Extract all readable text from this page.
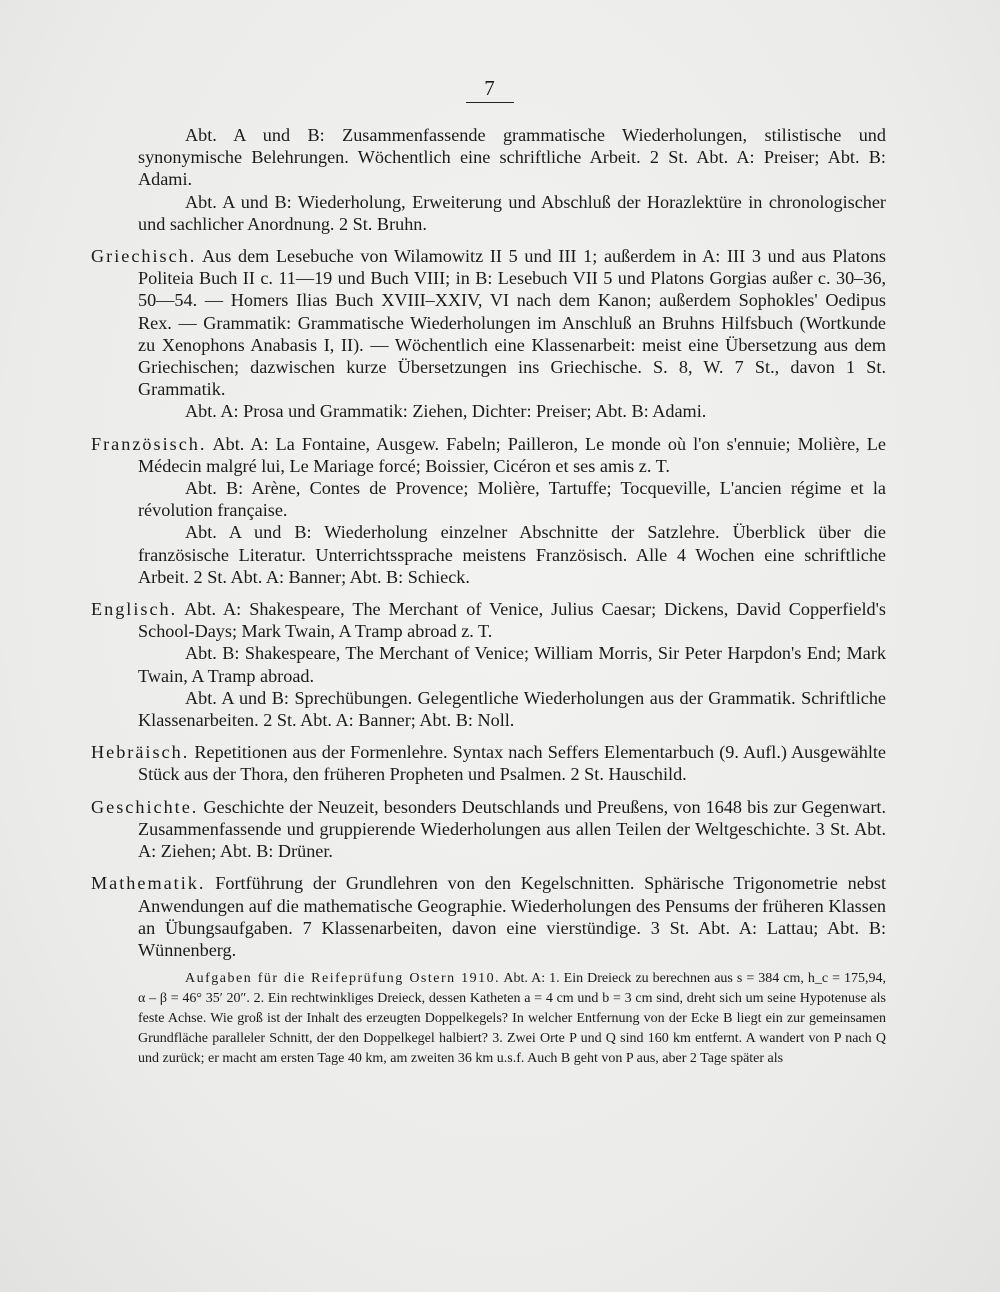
7

Abt. A und B: Zusammenfassende grammatische Wiederholungen, stilistische und synonymische Belehrungen. Wöchentlich eine schriftliche Arbeit. 2 St. Abt. A: Preiser; Abt. B: Adami.

Abt. A und B: Wiederholung, Erweiterung und Abschluß der Horazlektüre in chronologischer und sachlicher Anordnung. 2 St. Bruhn.

Griechisch. Aus dem Lesebuche von Wilamowitz II 5 und III 1; außerdem in A: III 3 und aus Platons Politeia Buch II c. 11—19 und Buch VIII; in B: Lesebuch VII 5 und Platons Gorgias außer c. 30–36, 50—54. — Homers Ilias Buch XVIII–XXIV, VI nach dem Kanon; außerdem Sophokles' Oedipus Rex. — Grammatik: Grammatische Wiederholungen im Anschluß an Bruhns Hilfsbuch (Wortkunde zu Xenophons Anabasis I, II). — Wöchentlich eine Klassenarbeit: meist eine Übersetzung aus dem Griechischen; dazwischen kurze Übersetzungen ins Griechische. S. 8, W. 7 St., davon 1 St. Grammatik.

Abt. A: Prosa und Grammatik: Ziehen, Dichter: Preiser; Abt. B: Adami.

Französisch. Abt. A: La Fontaine, Ausgew. Fabeln; Pailleron, Le monde où l'on s'ennuie; Molière, Le Médecin malgré lui, Le Mariage forcé; Boissier, Cicéron et ses amis z. T.

Abt. B: Arène, Contes de Provence; Molière, Tartuffe; Tocqueville, L'ancien régime et la révolution française.

Abt. A und B: Wiederholung einzelner Abschnitte der Satzlehre. Überblick über die französische Literatur. Unterrichtssprache meistens Französisch. Alle 4 Wochen eine schriftliche Arbeit. 2 St. Abt. A: Banner; Abt. B: Schieck.

Englisch. Abt. A: Shakespeare, The Merchant of Venice, Julius Caesar; Dickens, David Copperfield's School-Days; Mark Twain, A Tramp abroad z. T.

Abt. B: Shakespeare, The Merchant of Venice; William Morris, Sir Peter Harpdon's End; Mark Twain, A Tramp abroad.

Abt. A und B: Sprechübungen. Gelegentliche Wiederholungen aus der Grammatik. Schriftliche Klassenarbeiten. 2 St. Abt. A: Banner; Abt. B: Noll.

Hebräisch. Repetitionen aus der Formenlehre. Syntax nach Seffers Elementarbuch (9. Aufl.) Ausgewählte Stück aus der Thora, den früheren Propheten und Psalmen. 2 St. Hauschild.

Geschichte. Geschichte der Neuzeit, besonders Deutschlands und Preußens, von 1648 bis zur Gegenwart. Zusammenfassende und gruppierende Wiederholungen aus allen Teilen der Weltgeschichte. 3 St. Abt. A: Ziehen; Abt. B: Drüner.

Mathematik. Fortführung der Grundlehren von den Kegelschnitten. Sphärische Trigonometrie nebst Anwendungen auf die mathematische Geographie. Wiederholungen des Pensums der früheren Klassen an Übungsaufgaben. 7 Klassenarbeiten, davon eine vierstündige. 3 St. Abt. A: Lattau; Abt. B: Wünnenberg.

Aufgaben für die Reifeprüfung Ostern 1910. Abt. A: 1. Ein Dreieck zu berechnen aus s = 384 cm, h_c = 175,94, α – β = 46° 35′ 20″. 2. Ein rechtwinkliges Dreieck, dessen Katheten a = 4 cm und b = 3 cm sind, dreht sich um seine Hypotenuse als feste Achse. Wie groß ist der Inhalt des erzeugten Doppelkegels? In welcher Entfernung von der Ecke B liegt ein zur gemeinsamen Grundfläche paralleler Schnitt, der den Doppelkegel halbiert? 3. Zwei Orte P und Q sind 160 km entfernt. A wandert von P nach Q und zurück; er macht am ersten Tage 40 km, am zweiten 36 km u.s.f. Auch B geht von P aus, aber 2 Tage später als
